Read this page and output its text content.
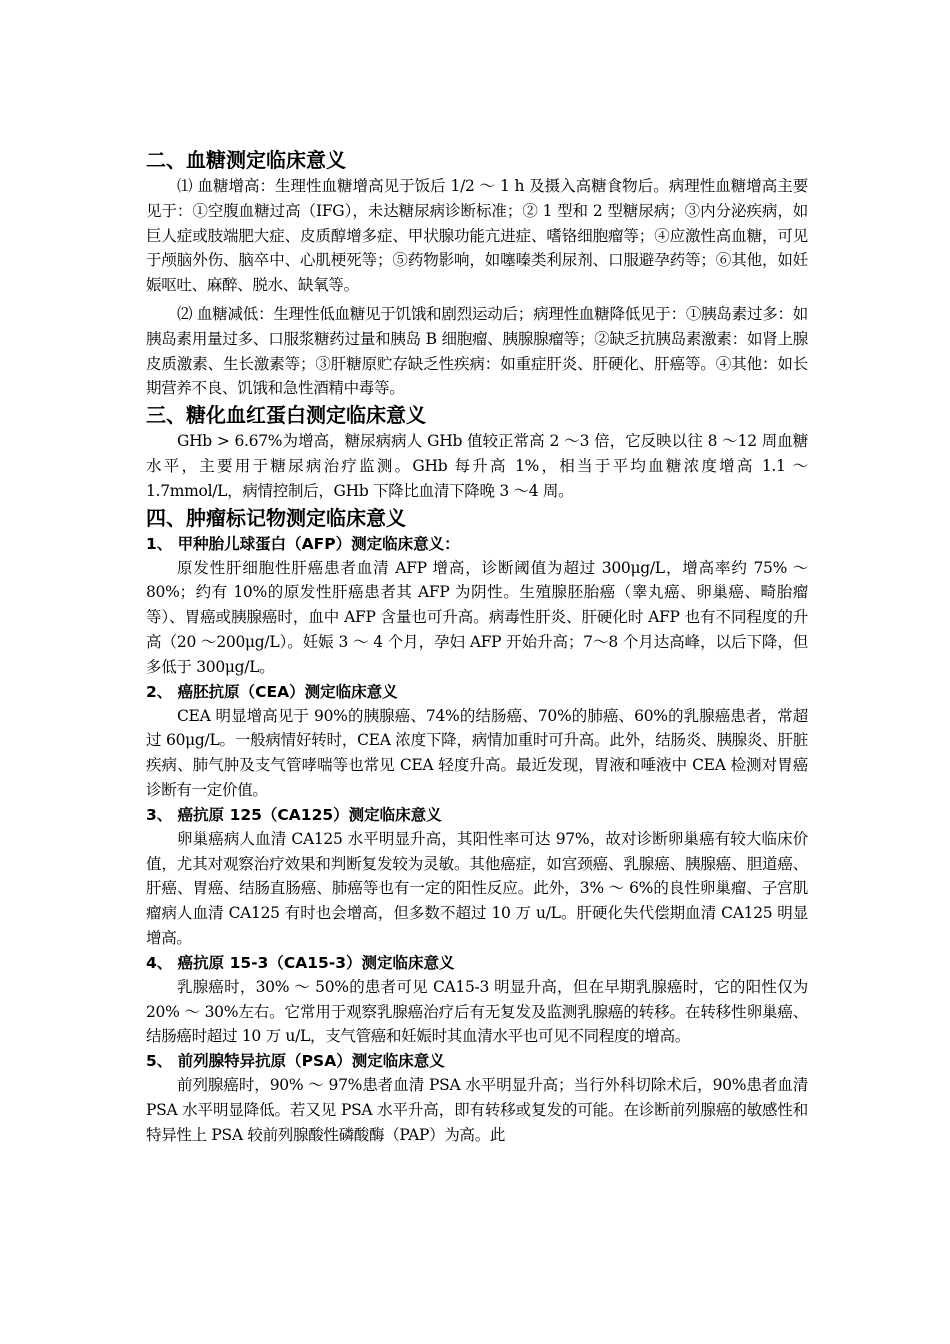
二、血糖测定临床意义

⑴ 血糖增高：生理性血糖增高见于饭后 1/2 ～ 1 h 及摄入高糖食物后。病理性血糖增高主要见于：①空腹血糖过高（IFG），未达糖尿病诊断标准；② 1 型和 2 型糖尿病；③内分泌疾病，如巨人症或肢端肥大症、皮质醇增多症、甲状腺功能亢进症、嗜铬细胞瘤等；④应激性高血糖，可见于颅脑外伤、脑卒中、心肌梗死等；⑤药物影响，如噻嗪类利尿剂、口服避孕药等；⑥其他，如妊娠呕吐、麻醉、脱水、缺氧等。

⑵ 血糖减低：生理性低血糖见于饥饿和剧烈运动后；病理性血糖降低见于：①胰岛素过多：如胰岛素用量过多、口服浆糖药过量和胰岛 B 细胞瘤、胰腺腺瘤等；②缺乏抗胰岛素激素：如肾上腺皮质激素、生长激素等；③肝糖原贮存缺乏性疾病：如重症肝炎、肝硬化、肝癌等。④其他：如长期营养不良、饥饿和急性酒精中毒等。

三、糖化血红蛋白测定临床意义

GHb > 6.67%为增高，糖尿病病人 GHb 值较正常高 2 ～3 倍，它反映以往 8 ～12 周血糖水平，主要用于糖尿病治疗监测。GHb 每升高 1%，相当于平均血糖浓度增高 1.1 ～1.7mmol/L，病情控制后，GHb 下降比血清下降晚 3 ～4 周。

四、肿瘤标记物测定临床意义
1、 甲种胎儿球蛋白（AFP）测定临床意义：

原发性肝细胞性肝癌患者血清 AFP 增高，诊断阈值为超过 300μg/L，增高率约 75% ～ 80%；约有 10%的原发性肝癌患者其 AFP 为阴性。生殖腺胚胎癌（睾丸癌、卵巢癌、畸胎瘤等）、胃癌或胰腺癌时，血中 AFP 含量也可升高。病毒性肝炎、肝硬化时 AFP 也有不同程度的升高（20 ～200μg/L）。妊娠 3 ～ 4 个月，孕妇 AFP 开始升高；7～8 个月达高峰，以后下降，但多低于 300μg/L。

2、 癌胚抗原（CEA）测定临床意义

CEA 明显增高见于 90%的胰腺癌、74%的结肠癌、70%的肺癌、60%的乳腺癌患者，常超过 60μg/L。一般病情好转时，CEA 浓度下降，病情加重时可升高。此外，结肠炎、胰腺炎、肝脏疾病、肺气肿及支气管哮喘等也常见 CEA 轻度升高。最近发现，胃液和唾液中 CEA 检测对胃癌诊断有一定价值。

3、 癌抗原 125（CA125）测定临床意义

卵巢癌病人血清 CA125 水平明显升高，其阳性率可达 97%，故对诊断卵巢癌有较大临床价值，尤其对观察治疗效果和判断复发较为灵敏。其他癌症，如宫颈癌、乳腺癌、胰腺癌、胆道癌、肝癌、胃癌、结肠直肠癌、肺癌等也有一定的阳性反应。此外，3% ～ 6%的良性卵巢瘤、子宫肌瘤病人血清 CA125 有时也会增高，但多数不超过 10 万 u/L。肝硬化失代偿期血清 CA125 明显增高。

4、 癌抗原 15-3（CA15-3）测定临床意义

乳腺癌时，30% ～ 50%的患者可见 CA15-3 明显升高，但在早期乳腺癌时，它的阳性仅为 20% ～ 30%左右。它常用于观察乳腺癌治疗后有无复发及监测乳腺癌的转移。在转移性卵巢癌、结肠癌时超过 10 万 u/L，支气管癌和妊娠时其血清水平也可见不同程度的增高。

5、 前列腺特异抗原（PSA）测定临床意义

前列腺癌时，90% ～ 97%患者血清 PSA 水平明显升高；当行外科切除术后，90%患者血清 PSA 水平明显降低。若又见 PSA 水平升高，即有转移或复发的可能。在诊断前列腺癌的敏感性和特异性上 PSA 较前列腺酸性磷酸酶（PAP）为高。此
